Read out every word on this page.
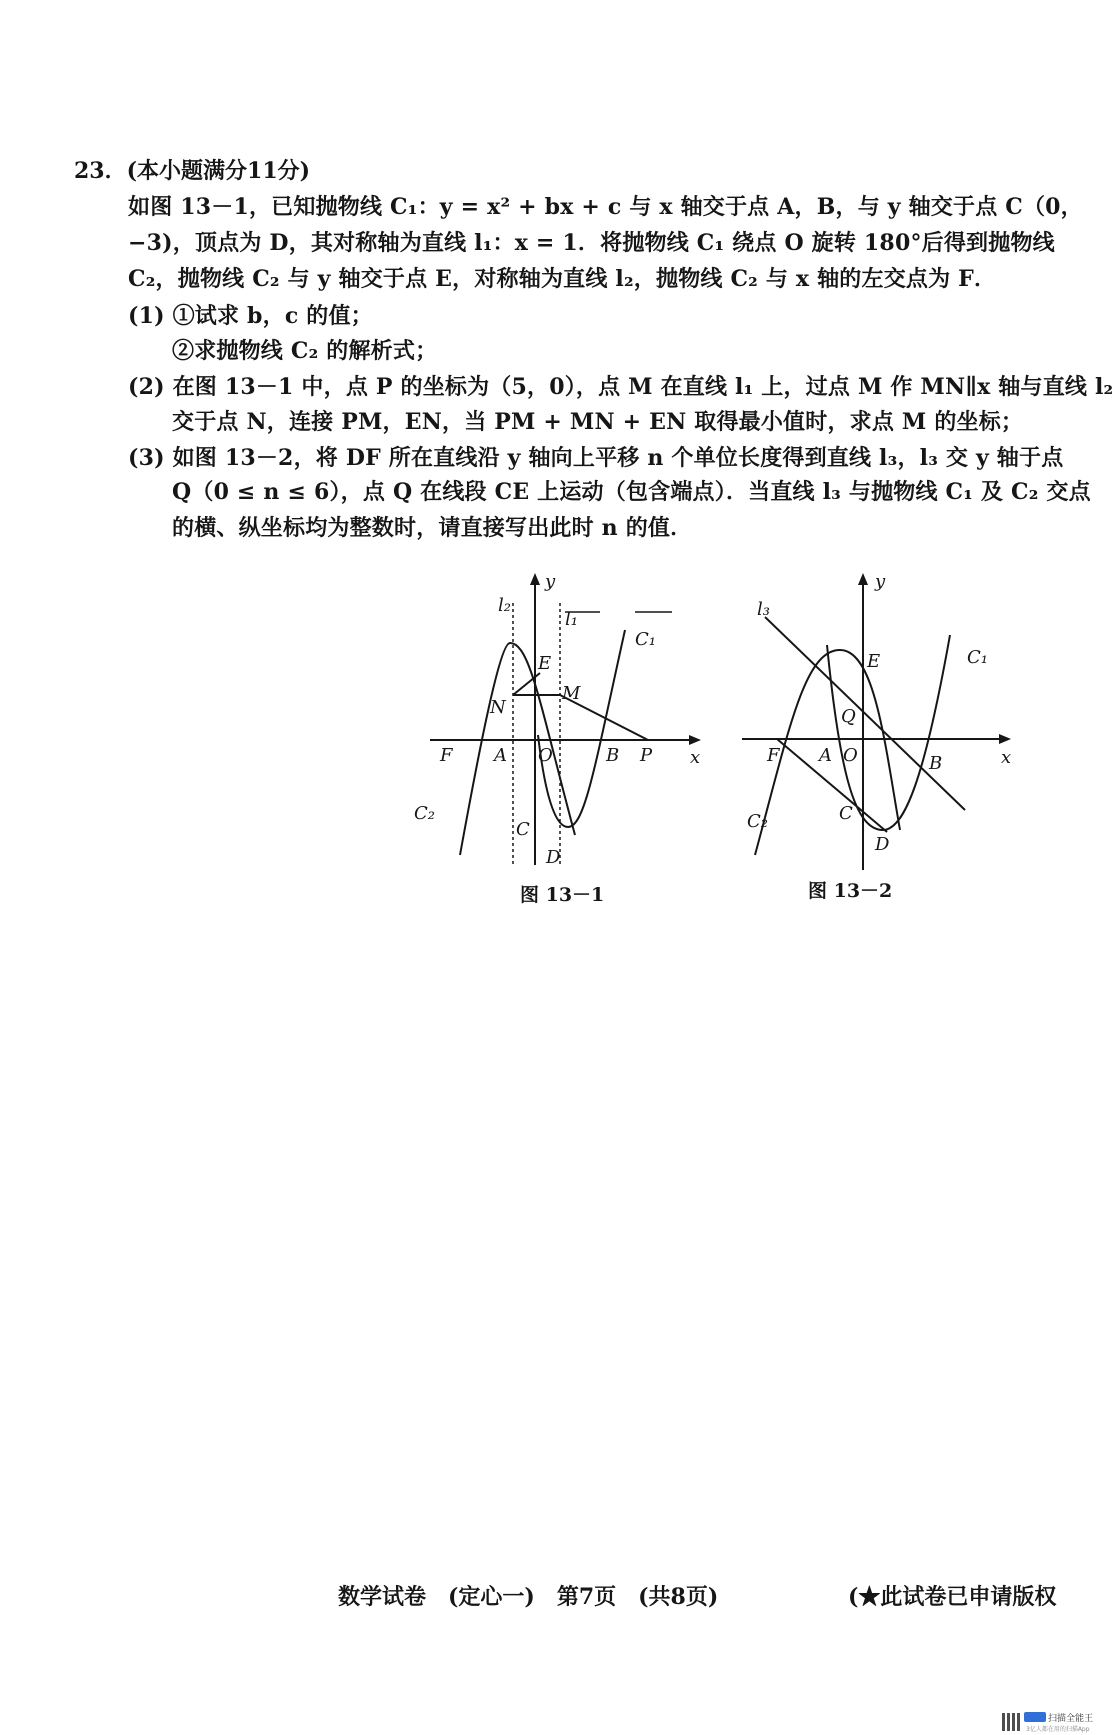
23．(本小题满分11分)
如图 13－1，已知抛物线 C₁：y = x² + bx + c 与 x 轴交于点 A，B，与 y 轴交于点 C（0，
−3)，顶点为 D，其对称轴为直线 l₁：x = 1．将抛物线 C₁ 绕点 O 旋转 180°后得到抛物线
C₂，抛物线 C₂ 与 y 轴交于点 E，对称轴为直线 l₂，抛物线 C₂ 与 x 轴的左交点为 F．
(1) ①试求 b，c 的值；
②求抛物线 C₂ 的解析式；
(2) 在图 13－1 中，点 P 的坐标为（5，0），点 M 在直线 l₁ 上，过点 M 作 MN∥x 轴与直线 l₂
交于点 N，连接 PM，EN，当 PM + MN + EN 取得最小值时，求点 M 的坐标；
(3) 如图 13－2，将 DF 所在直线沿 y 轴向上平移 n 个单位长度得到直线 l₃，l₃ 交 y 轴于点
Q（0 ≤ n ≤ 6），点 Q 在线段 CE 上运动（包含端点）．当直线 l₃ 与抛物线 C₁ 及 C₂ 交点
的横、纵坐标均为整数时，请直接写出此时 n 的值．
y
x
l₂
l₁
C₁
C₂
E
M
N
F A O	B P
C
D
图 13－1
y
x
l₃
C₁
C₂
E
Q
F A O	B
C
D
图 13－2
数学试卷　(定心一)　第7页　(共8页)	(★此试卷已申请版权
扫描全能王
3亿人都在用的扫描App
